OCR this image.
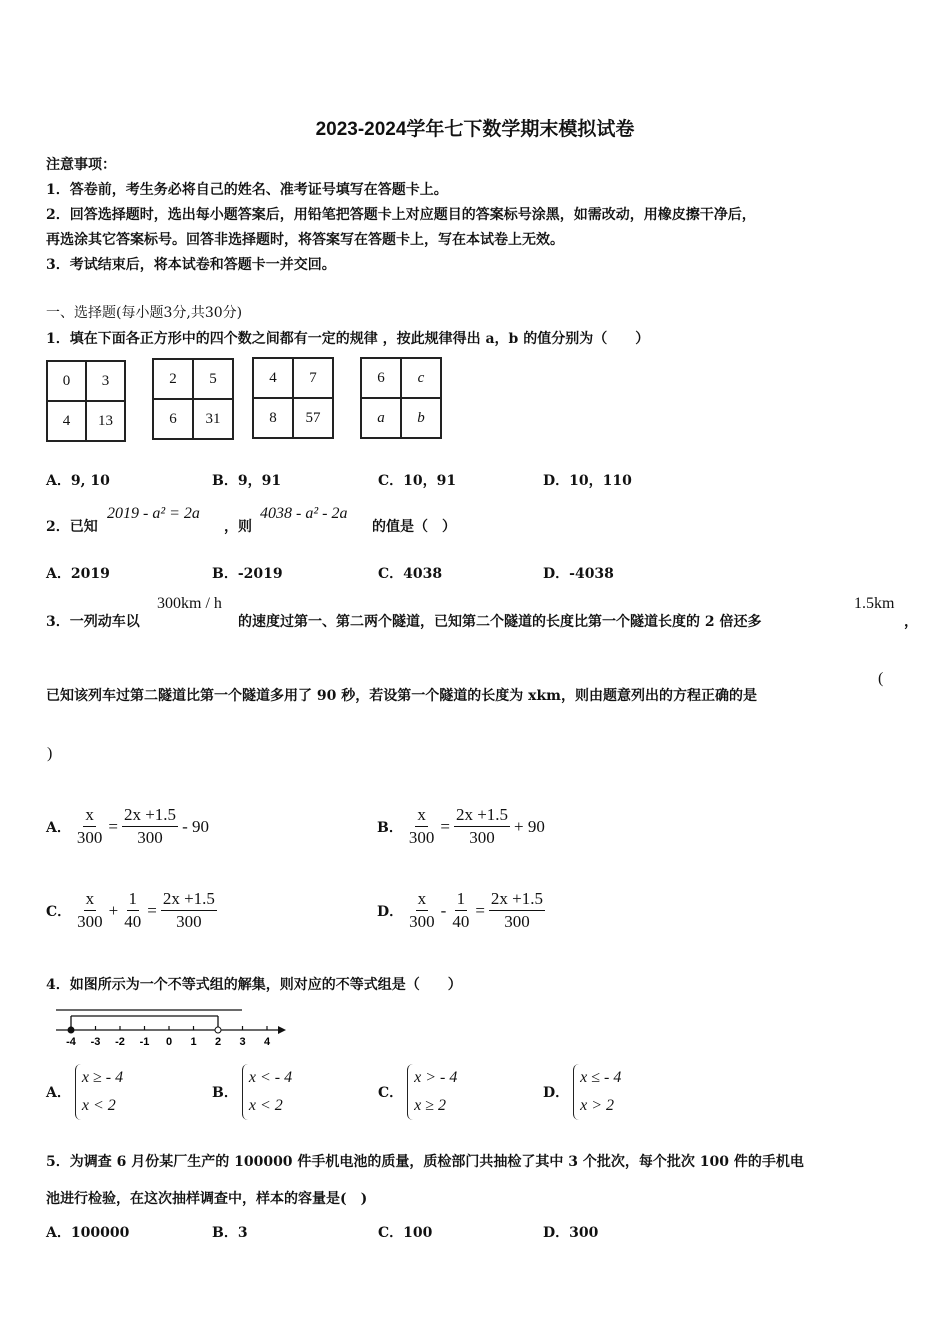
2023-2024学年七下数学期末模拟试卷
注意事项：
1．答卷前，考生务必将自己的姓名、准考证号填写在答题卡上。
2．回答选择题时，选出每小题答案后，用铅笔把答题卡上对应题目的答案标号涂黑，如需改动，用橡皮擦干净后，
再选涂其它答案标号。回答非选择题时，将答案写在答题卡上，写在本试卷上无效。
3．考试结束后，将本试卷和答题卡一并交回。
一、选择题(每小题3分,共30分)
1．填在下面各正方形中的四个数之间都有一定的规律 ，按此规律得出 a，b 的值分别为（　　）
0	3
4	13
2	5
6	31
4	7
8	57
6	c
a	b
A．9, 10	B．9，91	C．10，91	D．10，110
2．已知
2019 - a² = 2a
，则
4038 - a² - 2a
的值是（　）
A．2019	B．-2019	C．4038	D．-4038
3．一列动车以
300km / h
的速度过第一、第二两个隧道，已知第二个隧道的长度比第一个隧道长度的 2 倍还多
1.5km
，
已知该列车过第二隧道比第一个隧道多用了 90 秒，若设第一个隧道的长度为 xkm，则由题意列出的方程正确的是
(
)
A． $\frac{x}{300} = \frac{2x +1.5}{300} - 90$	B． $\frac{x}{300} = \frac{2x +1.5}{300} + 90$
C． $\frac{x}{300} + \frac{1}{40} = \frac{2x +1.5}{300}$	D． $\frac{x}{300} - \frac{1}{40} = \frac{2x +1.5}{300}$
4．如图所示为一个不等式组的解集，则对应的不等式组是（　　）
-4 -3 -2 -1 0 1 2 3 4
A．
x ≥ - 4
x < 2
B．
x < - 4
x < 2
C．
x > - 4
x ≥ 2
D．
x ≤ - 4
x > 2
5．为调查 6 月份某厂生产的 100000 件手机电池的质量，质检部门共抽检了其中 3 个批次，每个批次 100 件的手机电
池进行检验，在这次抽样调查中，样本的容量是(　)
A．100000	B．3	C．100	D．300
